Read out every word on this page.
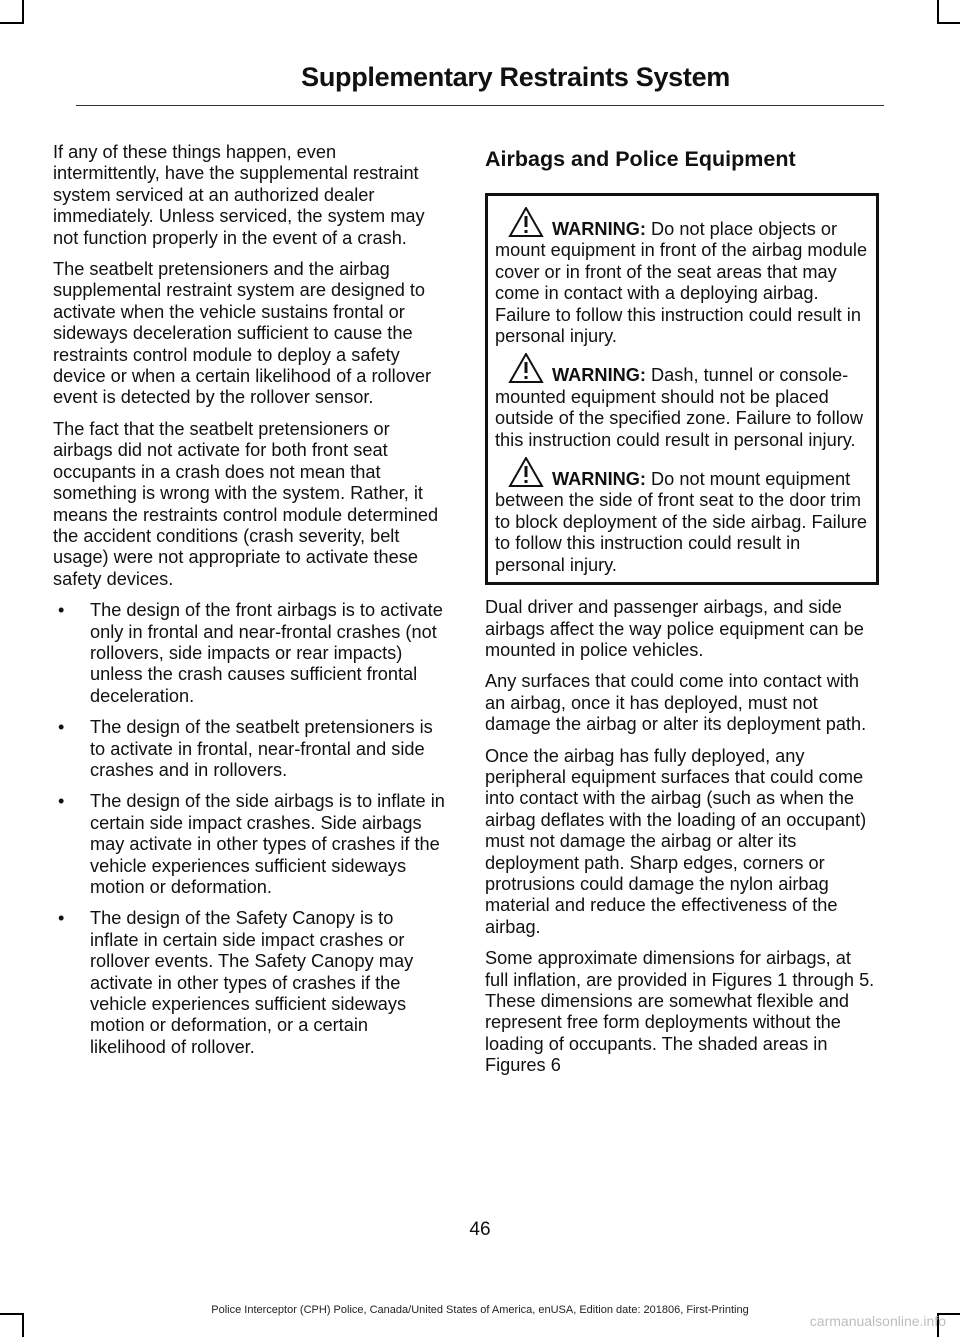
Supplementary Restraints System

If any of these things happen, even intermittently, have the supplemental restraint system serviced at an authorized dealer immediately. Unless serviced, the system may not function properly in the event of a crash.

The seatbelt pretensioners and the airbag supplemental restraint system are designed to activate when the vehicle sustains frontal or sideways deceleration sufficient to cause the restraints control module to deploy a safety device or when a certain likelihood of a rollover event is detected by the rollover sensor.

The fact that the seatbelt pretensioners or airbags did not activate for both front seat occupants in a crash does not mean that something is wrong with the system. Rather, it means the restraints control module determined the accident conditions (crash severity, belt usage) were not appropriate to activate these safety devices.

• The design of the front airbags is to activate only in frontal and near-frontal crashes (not rollovers, side impacts or rear impacts) unless the crash causes sufficient frontal deceleration.
• The design of the seatbelt pretensioners is to activate in frontal, near-frontal and side crashes and in rollovers.
• The design of the side airbags is to inflate in certain side impact crashes. Side airbags may activate in other types of crashes if the vehicle experiences sufficient sideways motion or deformation.
• The design of the Safety Canopy is to inflate in certain side impact crashes or rollover events. The Safety Canopy may activate in other types of crashes if the vehicle experiences sufficient sideways motion or deformation, or a certain likelihood of rollover.
Airbags and Police Equipment
WARNING: Do not place objects or mount equipment in front of the airbag module cover or in front of the seat areas that may come in contact with a deploying airbag. Failure to follow this instruction could result in personal injury.
WARNING: Dash, tunnel or console-mounted equipment should not be placed outside of the specified zone. Failure to follow this instruction could result in personal injury.
WARNING: Do not mount equipment between the side of front seat to the door trim to block deployment of the side airbag. Failure to follow this instruction could result in personal injury.

Dual driver and passenger airbags, and side airbags affect the way police equipment can be mounted in police vehicles.

Any surfaces that could come into contact with an airbag, once it has deployed, must not damage the airbag or alter its deployment path.

Once the airbag has fully deployed, any peripheral equipment surfaces that could come into contact with the airbag (such as when the airbag deflates with the loading of an occupant) must not damage the airbag or alter its deployment path. Sharp edges, corners or protrusions could damage the nylon airbag material and reduce the effectiveness of the airbag.

Some approximate dimensions for airbags, at full inflation, are provided in Figures 1 through 5. These dimensions are somewhat flexible and represent free form deployments without the loading of occupants. The shaded areas in Figures 6

46
Police Interceptor (CPH) Police, Canada/United States of America, enUSA, Edition date: 201806, First-Printing
carmanualsonline.info
